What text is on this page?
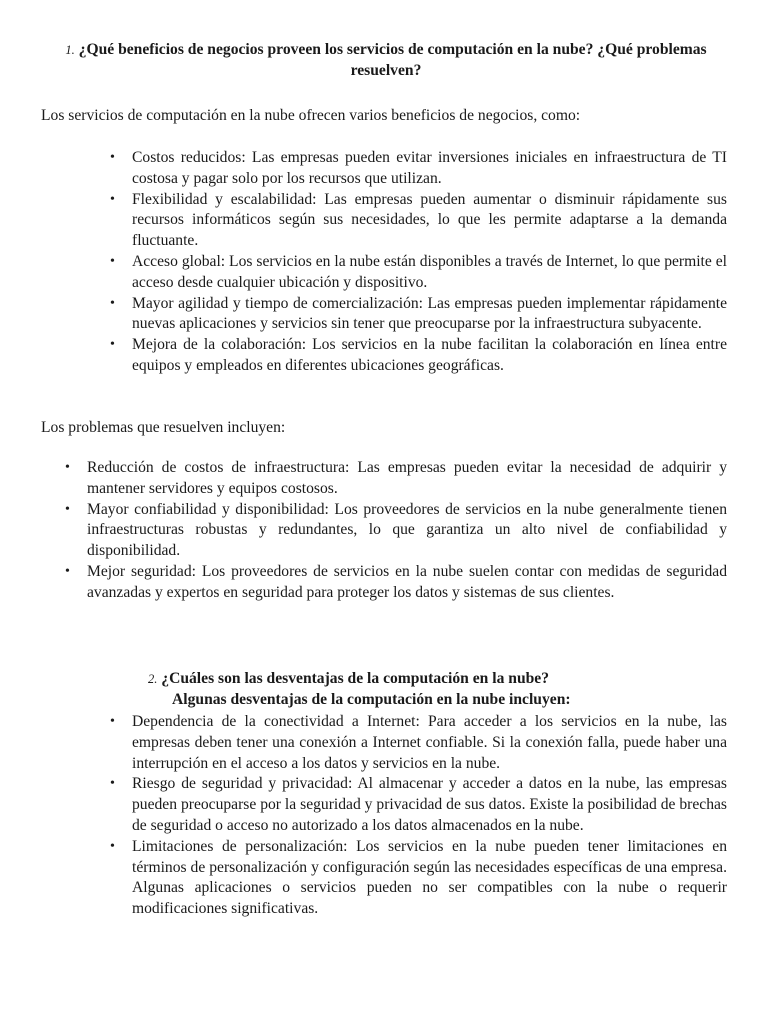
1. ¿Qué beneficios de negocios proveen los servicios de computación en la nube? ¿Qué problemas resuelven?
Los servicios de computación en la nube ofrecen varios beneficios de negocios, como:
• Costos reducidos: Las empresas pueden evitar inversiones iniciales en infraestructura de TI costosa y pagar solo por los recursos que utilizan.
• Flexibilidad y escalabilidad: Las empresas pueden aumentar o disminuir rápidamente sus recursos informáticos según sus necesidades, lo que les permite adaptarse a la demanda fluctuante.
• Acceso global: Los servicios en la nube están disponibles a través de Internet, lo que permite el acceso desde cualquier ubicación y dispositivo.
• Mayor agilidad y tiempo de comercialización: Las empresas pueden implementar rápidamente nuevas aplicaciones y servicios sin tener que preocuparse por la infraestructura subyacente.
• Mejora de la colaboración: Los servicios en la nube facilitan la colaboración en línea entre equipos y empleados en diferentes ubicaciones geográficas.
Los problemas que resuelven incluyen:
• Reducción de costos de infraestructura: Las empresas pueden evitar la necesidad de adquirir y mantener servidores y equipos costosos.
• Mayor confiabilidad y disponibilidad: Los proveedores de servicios en la nube generalmente tienen infraestructuras robustas y redundantes, lo que garantiza un alto nivel de confiabilidad y disponibilidad.
• Mejor seguridad: Los proveedores de servicios en la nube suelen contar con medidas de seguridad avanzadas y expertos en seguridad para proteger los datos y sistemas de sus clientes.
2. ¿Cuáles son las desventajas de la computación en la nube?
Algunas desventajas de la computación en la nube incluyen:
• Dependencia de la conectividad a Internet: Para acceder a los servicios en la nube, las empresas deben tener una conexión a Internet confiable. Si la conexión falla, puede haber una interrupción en el acceso a los datos y servicios en la nube.
• Riesgo de seguridad y privacidad: Al almacenar y acceder a datos en la nube, las empresas pueden preocuparse por la seguridad y privacidad de sus datos. Existe la posibilidad de brechas de seguridad o acceso no autorizado a los datos almacenados en la nube.
• Limitaciones de personalización: Los servicios en la nube pueden tener limitaciones en términos de personalización y configuración según las necesidades específicas de una empresa. Algunas aplicaciones o servicios pueden no ser compatibles con la nube o requerir modificaciones significativas.
